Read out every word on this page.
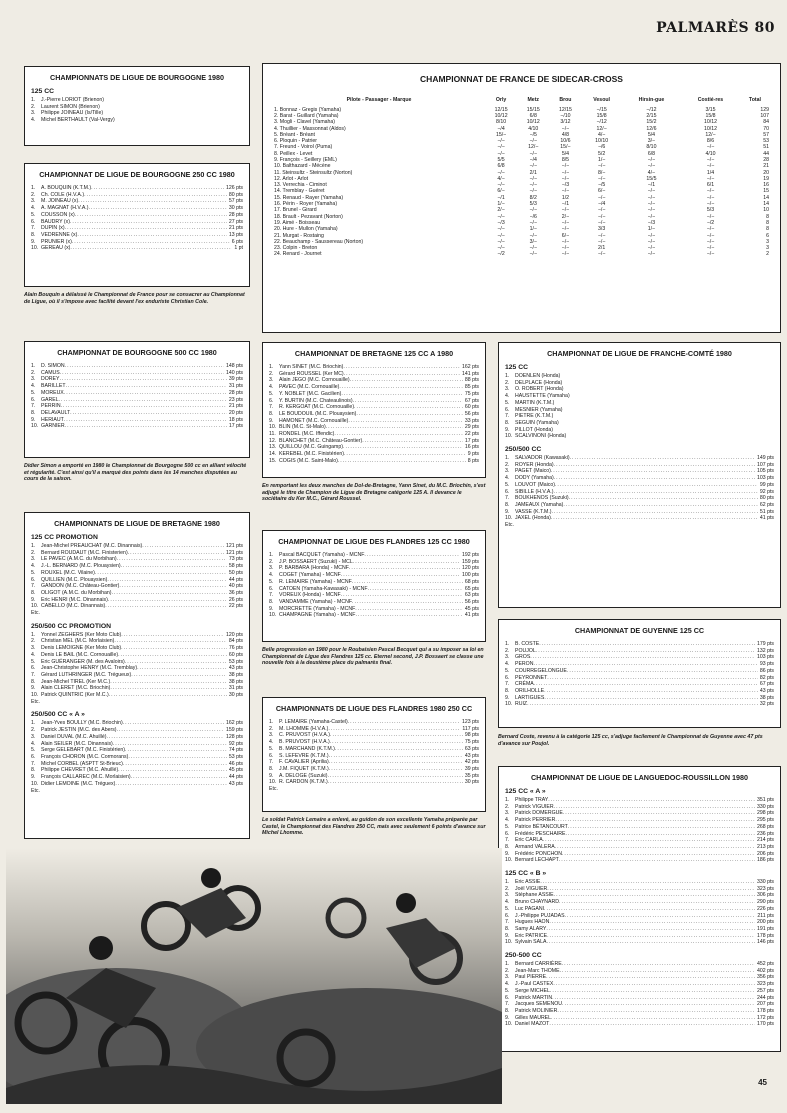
PALMARÈS 80
CHAMPIONNATS DE LIGUE DE BOURGOGNE 1980
125 CC
1.	J.-Pierre LORIOT (Brienon)
2.	Laurent SIMON (Brienon)
3.	Philippe JOINEAU (Is/Tille)
4.	Michel BERTHAULT (Val-Vergy)
CHAMPIONNAT DE LIGUE DE BOURGOGNE 250 CC 1980
1.	A. BOUQUIN (K.T.M.) .....	126 pts
2.	Ch. COLE (H.V.A.) .....	80 pts
3.	M. JOINEAU (x) .....	57 pts
4.	A. MAGNAT (H.V.A.) .....	30 pts
5.	COUSSON (x) .....	28 pts
6.	BAUDRY (x) .....	27 pts
7.	DUPIN (x) .....	21 pts
8.	VEDRENNE (x) .....	13 pts
9.	PRUNIER (x) .....	6 pts
10. GEREAU (x) .....	1 pt
Alain Bouquin a délaissé le Championnat de France pour se consacrer au Championnat de Ligue, où il s'impose avec facilité devant l'ex enduriste Christian Cole.
CHAMPIONNAT DE BOURGOGNE 500 CC 1980
1.	D. SIMON .....	148 pts
2.	CAMUS .....	140 pts
3.	DOREY .....	39 pts
4.	BARILLET .....	31 pts
5.	MOREUX .....	28 pts
6.	GAREL .....	23 pts
7.	PERRIN .....	21 pts
8.	DELAVAULT .....	20 pts
9.	HERIAUT .....	18 pts
10. GARNIER .....	17 pts
Didier Simon a emporté en 1980 le Championnat de Bourgogne 500 cc en alliant vélocité et régularité. C'est ainsi qu'il a marqué des points dans les 14 manches disputées au cours de la saison.
CHAMPIONNATS DE LIGUE DE BRETAGNE 1980
125 CC PROMOTION
1.	Jean-Michel PREAUCHAT (M.C. Dinannais) .....	121 pts
2.	Bernard ROUDAUT (M.C. Finisterien) .....	121 pts
3.	LE PAVEC (A.M.C. du Morbihan) .....	73 pts
4.	J.-L. BERNARD (M.C. Plouaysien) .....	58 pts
5.	ROUXEL (M.C. Vilaine) .....	50 pts
6.	QUILLIEN (M.C. Plouaysien) .....	44 pts
7.	GANDON (M.C. Château-Gontier) .....	40 pts
8.	OLIGOT (A.M.C. du Morbihan) .....	36 pts
9.	Eric HENRI (M.C. Dinannais) .....	26 pts
10. CABELLO (M.C. Dinannais) .....	22 pts
Etc.
250/500 CC PROMOTION
1.	Yonnel ZEGHERS (Ker Moto Club) .....	120 pts
2.	Christian MEL (M.C. Morlaisien) .....	84 pts
3.	Denis LEMOIGNE (Ker Moto Club) .....	76 pts
4.	Denis LE BAIL (M.C. Cornouaille) .....	60 pts
5.	Eric GUÉRANGER (M. des Avaloirs) .....	53 pts
6.	Jean-Christophe HENRY (M.C. Tremblay) .....	43 pts
7.	Gérard LUTHRINGER (M.C. Trégueux) .....	38 pts
8.	Jean-Michel TIREL (Ker M.C.) .....	38 pts
9.	Alain CLERET (M.C. Briochin) .....	31 pts
10. Patrick QUINTRIC (Ker M.C.) .....	30 pts
Etc.
250/500 CC « A »
1.	Jean-Yves BOULLY (M.C. Briochin) .....	162 pts
2.	Patrick JESTIN (M.C. des Abers) .....	159 pts
3.	Daniel DUVAL (M.C. Ahuillé) .....	128 pts
4.	Alain SEILER (M.C. Dinannais) .....	92 pts
5.	Serge GELEBART (M.C. Finistérien) .....	74 pts
6.	François CHORON (M.C. Cormorans) .....	53 pts
7.	Michel CORBEL (ASPTT St-Brieuc) .....	46 pts
8.	Philippe CHEVRET (M.C. Ahuillé) .....	45 pts
9.	François CALLAREC (M.C. Morlaisien) .....	44 pts
10. Didier LEMOINE (M.C. Tréguex) .....	43 pts
Etc.
CHAMPIONNAT DE FRANCE DE SIDECAR-CROSS
Pilote - Passager - Marque	Orly	Metz	Brou	Vesoul	Hirsin-gue	Costié-res	Total
1. Bonnaz - Gregis (Yamaha)	12/15	15/15	12/15	−/15	−/12	3/15	129
2. Barat - Guillard (Yamaha)	10/12	6/8	−/10	15/8	2/15	15/8	107
3. Mogli - Clavel (Yamaha)	8/10	10/12	3/12	−/12	15/2	10/12	84
4. Thuillier - Massonnat (Aldos)	−/4	4/10	−/−	12/−	12/6	10/12	70
5. Bréant - Bréant	15/−	−/5	4/8	4/−	5/4	12/−	57
6. Ploquin - Patrier	−/−	−/−	10/6	10/10	3/−	8/6	53
7. Freund - Voirol (Puma)	−/−	12/−	15/−	−/6	8/10	−/−	51
8. Peillex - Levet	−/−	−/−	5/4	5/2	6/8	4/10	44
9. François - Seillery (EML)	5/5	−/4	8/5	1/−	−/−	−/−	28
10. Balthazard - Mécène	6/8	−/−	−/−	−/−	−/−	−/−	21
11. Steinsultz - Steinsultz (Norton)	−/−	2/1	−/−	8/−	4/−	1/4	20
12. Arlot - Arlot	4/−	−/−	−/−	−/−	15/5	−/−	19
13. Verrechia - Ciminot	−/−	−/−	−/3	−/5	−/1	6/1	16
14. Tremblay - Guéret	6/−	−/−	−/−	6/−	−/−	−/−	15
15. Renaud - Rayer (Yamaha)	−/1	8/2	1/2	−/−	−/−	−/−	14
16. Périn - Royer (Yamaha)	1/−	5/3	−/1	−/4	−/−	−/−	14
17. Brunel - Girard	2/−	−/−	−/−	−/−	−/−	5/3	10
18. Brault - Pezavant (Norton)	−/−	−/6	2/−	−/−	−/−	−/−	8
19. Aimé - Boisseau	−/3	−/−	−/−	−/−	−/3	−/2	8
20. Hure - Mullon (Yamaha)	−/−	1/−	−/−	3/3	1/−	−/−	8
21. Murgat - Rostaing	−/−	−/−	6/−	−/−	−/−	−/−	6
22. Beauchamp - Saussereau (Norton)	−/−	3/−	−/−	−/−	−/−	−/−	3
23. Colpin - Breton	−/−	−/−	−/−	2/1	−/−	−/−	3
24. Renard - Journet	−/2	−/−	−/−	−/−	−/−	−/−	2
CHAMPIONNAT DE BRETAGNE 125 CC A 1980
1.	Yann SINET (M.C. Briochin) .....	162 pts
2.	Gérard ROUSSEL (Ker MC) .....	141 pts
3.	Alain JEGO (M.C. Cornouaille) .....	88 pts
4.	PAVEC (M.C. Cornouaille) .....	85 pts
5.	Y. NOBLET (M.C. Gacilien) .....	75 pts
6.	Y. BURTIN (M.C. Chateaulinois) .....	67 pts
7.	R. KERGOAT (M.C. Cornouaille) .....	60 pts
8.	LE BOUDOUIL (M.C. Plouaysien) .....	56 pts
9.	HAMONET (M.C. Cornouaille) .....	33 pts
10. BLIN (M.C. St-Malo) .....	29 pts
11. RONDEL (M.C. Iffendic) .....	22 pts
12. BLANCHET (M.C. Château-Gontier) .....	17 pts
13. QUILLOU (M.C. Guingamp) .....	16 pts
14. KEREBEL (M.C. Finistérien) .....	9 pts
15. COGIS (M.C. Saint-Malo) .....	8 pts
En remportant les deux manches de Dol-de-Bretagne, Yann Sinet, du M.C. Briochin, s'est adjugé le titre de Champion de Ligue de Bretagne catégorie 125 A. Il devance le sociétaire du Ker M.C., Gérard Roussel.
CHAMPIONNAT DE LIGUE DES FLANDRES 125 CC 1980
1.	Pascal BACQUET (Yamaha) - MCNF .....	192 pts
2.	J.P. BOSSAERT (Suzuki) - MCL .....	159 pts
3.	P. BARBARA (Honda) - MCNF .....	120 pts
4.	COGET (Yamaha) - MCNF .....	100 pts
5.	R. LEMAIRE (Yamaha) - MCNF .....	68 pts
6.	CATOEN (Yamaha-Kawasaki) - MCNF .....	65 pts
7.	VOREUX (Honda) - MCNF .....	63 pts
8.	VANDAMME (Yamaha) - MCNF .....	56 pts
9.	MORCRETTE (Yamaha) - MCNF .....	45 pts
10. CHAMPAGNE (Yamaha) - MCNF .....	41 pts
Belle progression en 1980 pour le Roubaisien Pascal Becquet qui a su imposer sa loi en Championnat de Ligue des Flandres 125 cc. Eternel second, J.P. Bossaert se classe une nouvelle fois à la deuxième place du palmarès final.
CHAMPIONNATS DE LIGUE DES FLANDRES 1980 250 CC
1.	P. LEMAIRE (Yamaha-Castel) .....	123 pts
2.	M. LHOMME (H.V.A.) .....	117 pts
3.	C. PRUVOST (H.V.A.) .....	98 pts
4.	B. PRUVOST (H.V.A.) .....	75 pts
5.	B. MARCHAND (K.T.M.) .....	63 pts
6.	S. LEFEVRE (K.T.M.) .....	43 pts
7.	F. CAVALIER (Aprilia) .....	42 pts
8.	J.M. FIQUET (K.T.M.) .....	39 pts
9.	A. DELOGE (Suzuki) .....	35 pts
10. R. CARDON (K.T.M.) .....	30 pts
Etc.
Le soldat Patrick Lemaire a enlevé, au guidon de son excellente Yamaha préparée par Castel, le Championnat des Flandres 250 CC, mais avec seulement 6 points d'avance sur Michel Lhomme.
CHAMPIONNAT DE LIGUE DE FRANCHE-COMTÉ 1980
125 CC
1.	DOENLEN (Honda)
2.	DELPLACE (Honda)
3.	O. ROBERT (Honda)
4.	HAUSTETTE (Yamaha)
5.	MARTIN (K.T.M.)
6.	MESNIER (Yamaha)
7.	PIETRE (K.T.M.)
8.	SEGUIN (Yamaha)
9.	PILLOT (Honda)
10. SCALVINONI (Honda)
250/500 CC
1.	SALVADOR (Kawasaki) .....	149 pts
2.	ROYER (Honda) .....	107 pts
3.	PAGET (Maico) .....	105 pts
4.	DODY (Yamaha) .....	103 pts
5.	LOUVOT (Maico) .....	99 pts
6.	SIBILLE (H.V.A.) .....	92 pts
7.	BOUKHENOS (Suzuki) .....	80 pts
8.	JAMEAUX (Yamaha) .....	62 pts
9.	VASSE (K.T.M.) .....	51 pts
10. JAXEL (Honda) .....	41 pts
Etc.
CHAMPIONNAT DE GUYENNE 125 CC
1.	B. COSTE .....	179 pts
2.	POUJOL .....	132 pts
3.	GROS .....	103 pts
4.	PERON .....	93 pts
5.	COURREGELONGUE .....	86 pts
6.	PEYRONNET .....	82 pts
7.	CRÉMA .....	67 pts
8.	ORILHOLLE .....	43 pts
9.	LARTIGUES .....	38 pts
10. RUIZ .....	32 pts
Bernard Coste, revenu à la catégorie 125 cc, s'adjuge facilement le Championnat de Guyenne avec 47 pts d'avance sur Poujol.
CHAMPIONNAT DE LIGUE DE LANGUEDOC-ROUSSILLON 1980
125 CC « A »
1.	Philippe TRAY .....	351 pts
2.	Patrick VIGUIER .....	330 pts
3.	Patrick DOMERGUE .....	298 pts
4.	Patrick PERRIER .....	295 pts
5.	Patrice BÉTANCOURT .....	268 pts
6.	Frédéric PESCHAIRE .....	236 pts
7.	Eric CARLA .....	214 pts
8.	Armand VALERA .....	213 pts
9.	Frédéric PONCHON .....	206 pts
10. Bernard LECHAPT .....	186 pts
125 CC « B »
1.	Eric ASSIE .....	330 pts
2.	Joël VIGUIER .....	323 pts
3.	Stéphane ASSIE .....	306 pts
4.	Bruno CHAYNARD .....	290 pts
5.	Luc PAGANI .....	226 pts
6.	J.-Philippe PUJADAS .....	211 pts
7.	Hugues HAON .....	200 pts
8.	Samy ALARY .....	191 pts
9.	Eric PATRICE .....	178 pts
10. Sylvain SALA .....	146 pts
250-500 CC
1.	Bernard CARRIÈRE .....	452 pts
2.	Jean-Marc THOME .....	402 pts
3.	Paul PIERRE .....	356 pts
4.	J.-Paul CASTEX .....	323 pts
5.	Serge MICHEL .....	257 pts
6.	Patrick MARTIN .....	244 pts
7.	Jacques SEMENOU .....	207 pts
8.	Patrick MOLINIER .....	178 pts
9.	Gilles MAUREL .....	172 pts
10. Daniel MAZOT .....	170 pts
45
